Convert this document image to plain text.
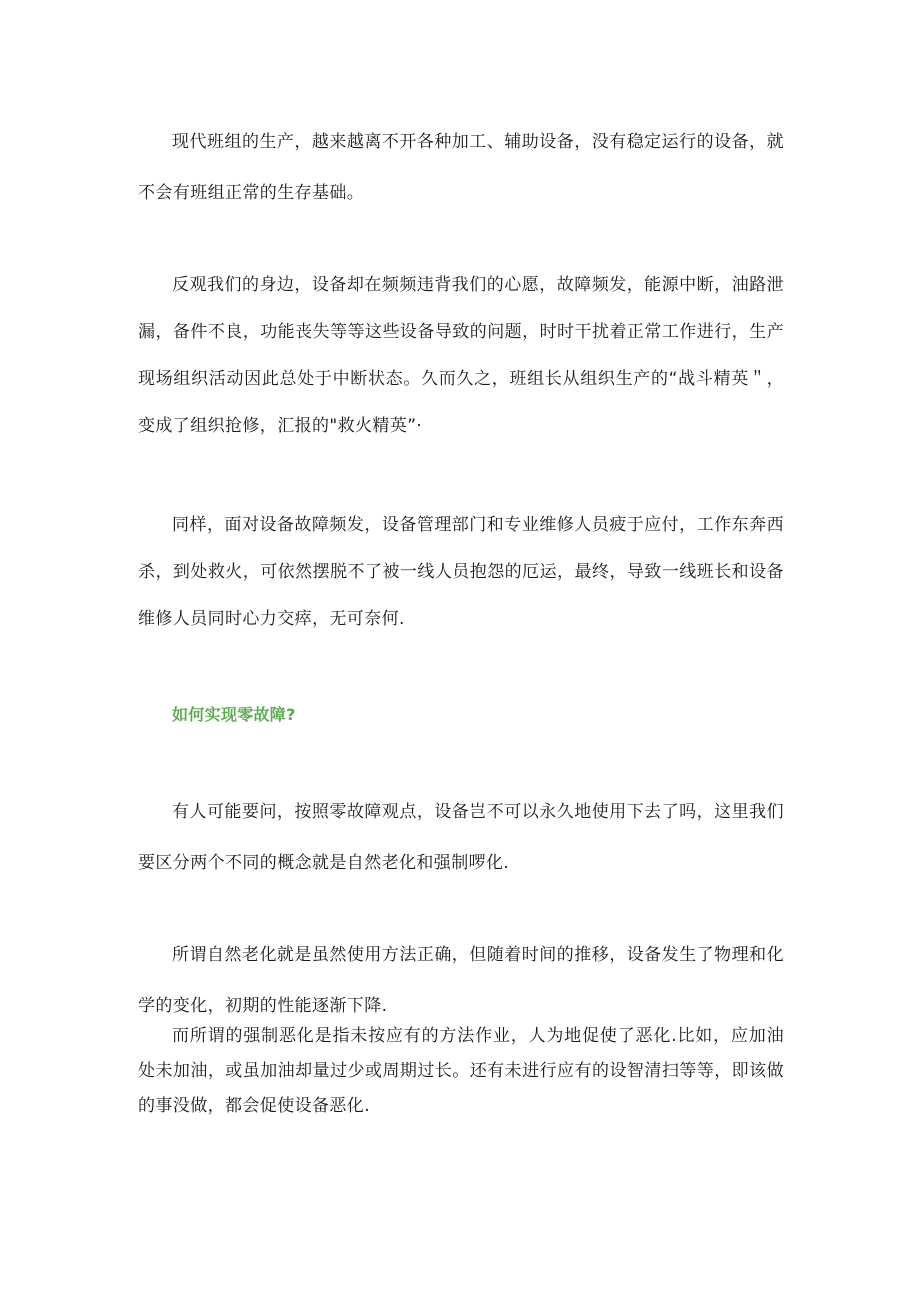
现代班组的生产，越来越离不开各种加工、辅助设备，没有稳定运行的设备，就不会有班组正常的生存基础。

反观我们的身边，设备却在频频违背我们的心愿，故障频发，能源中断，油路泄漏，备件不良，功能丧失等等这些设备导致的问题，时时干扰着正常工作进行，生产现场组织活动因此总处于中断状态。久而久之，班组长从组织生产的“战斗精英＂，变成了组织抢修，汇报的"救火精英”·

同样，面对设备故障频发，设备管理部门和专业维修人员疲于应付，工作东奔西杀，到处救火，可依然摆脱不了被一线人员抱怨的厄运，最终，导致一线班长和设备维修人员同时心力交瘁，无可奈何.

如何实现零故障?

有人可能要问，按照零故障观点，设备岂不可以永久地使用下去了吗，这里我们要区分两个不同的概念就是自然老化和强制啰化.

所谓自然老化就是虽然使用方法正确，但随着时间的推移，设备发生了物理和化学的变化，初期的性能逐渐下降.

而所谓的强制恶化是指未按应有的方法作业，人为地促使了恶化.比如，应加油处未加油，或虽加油却量过少或周期过长。还有未进行应有的设智清扫等等，即该做的事没做，都会促使设备恶化.
